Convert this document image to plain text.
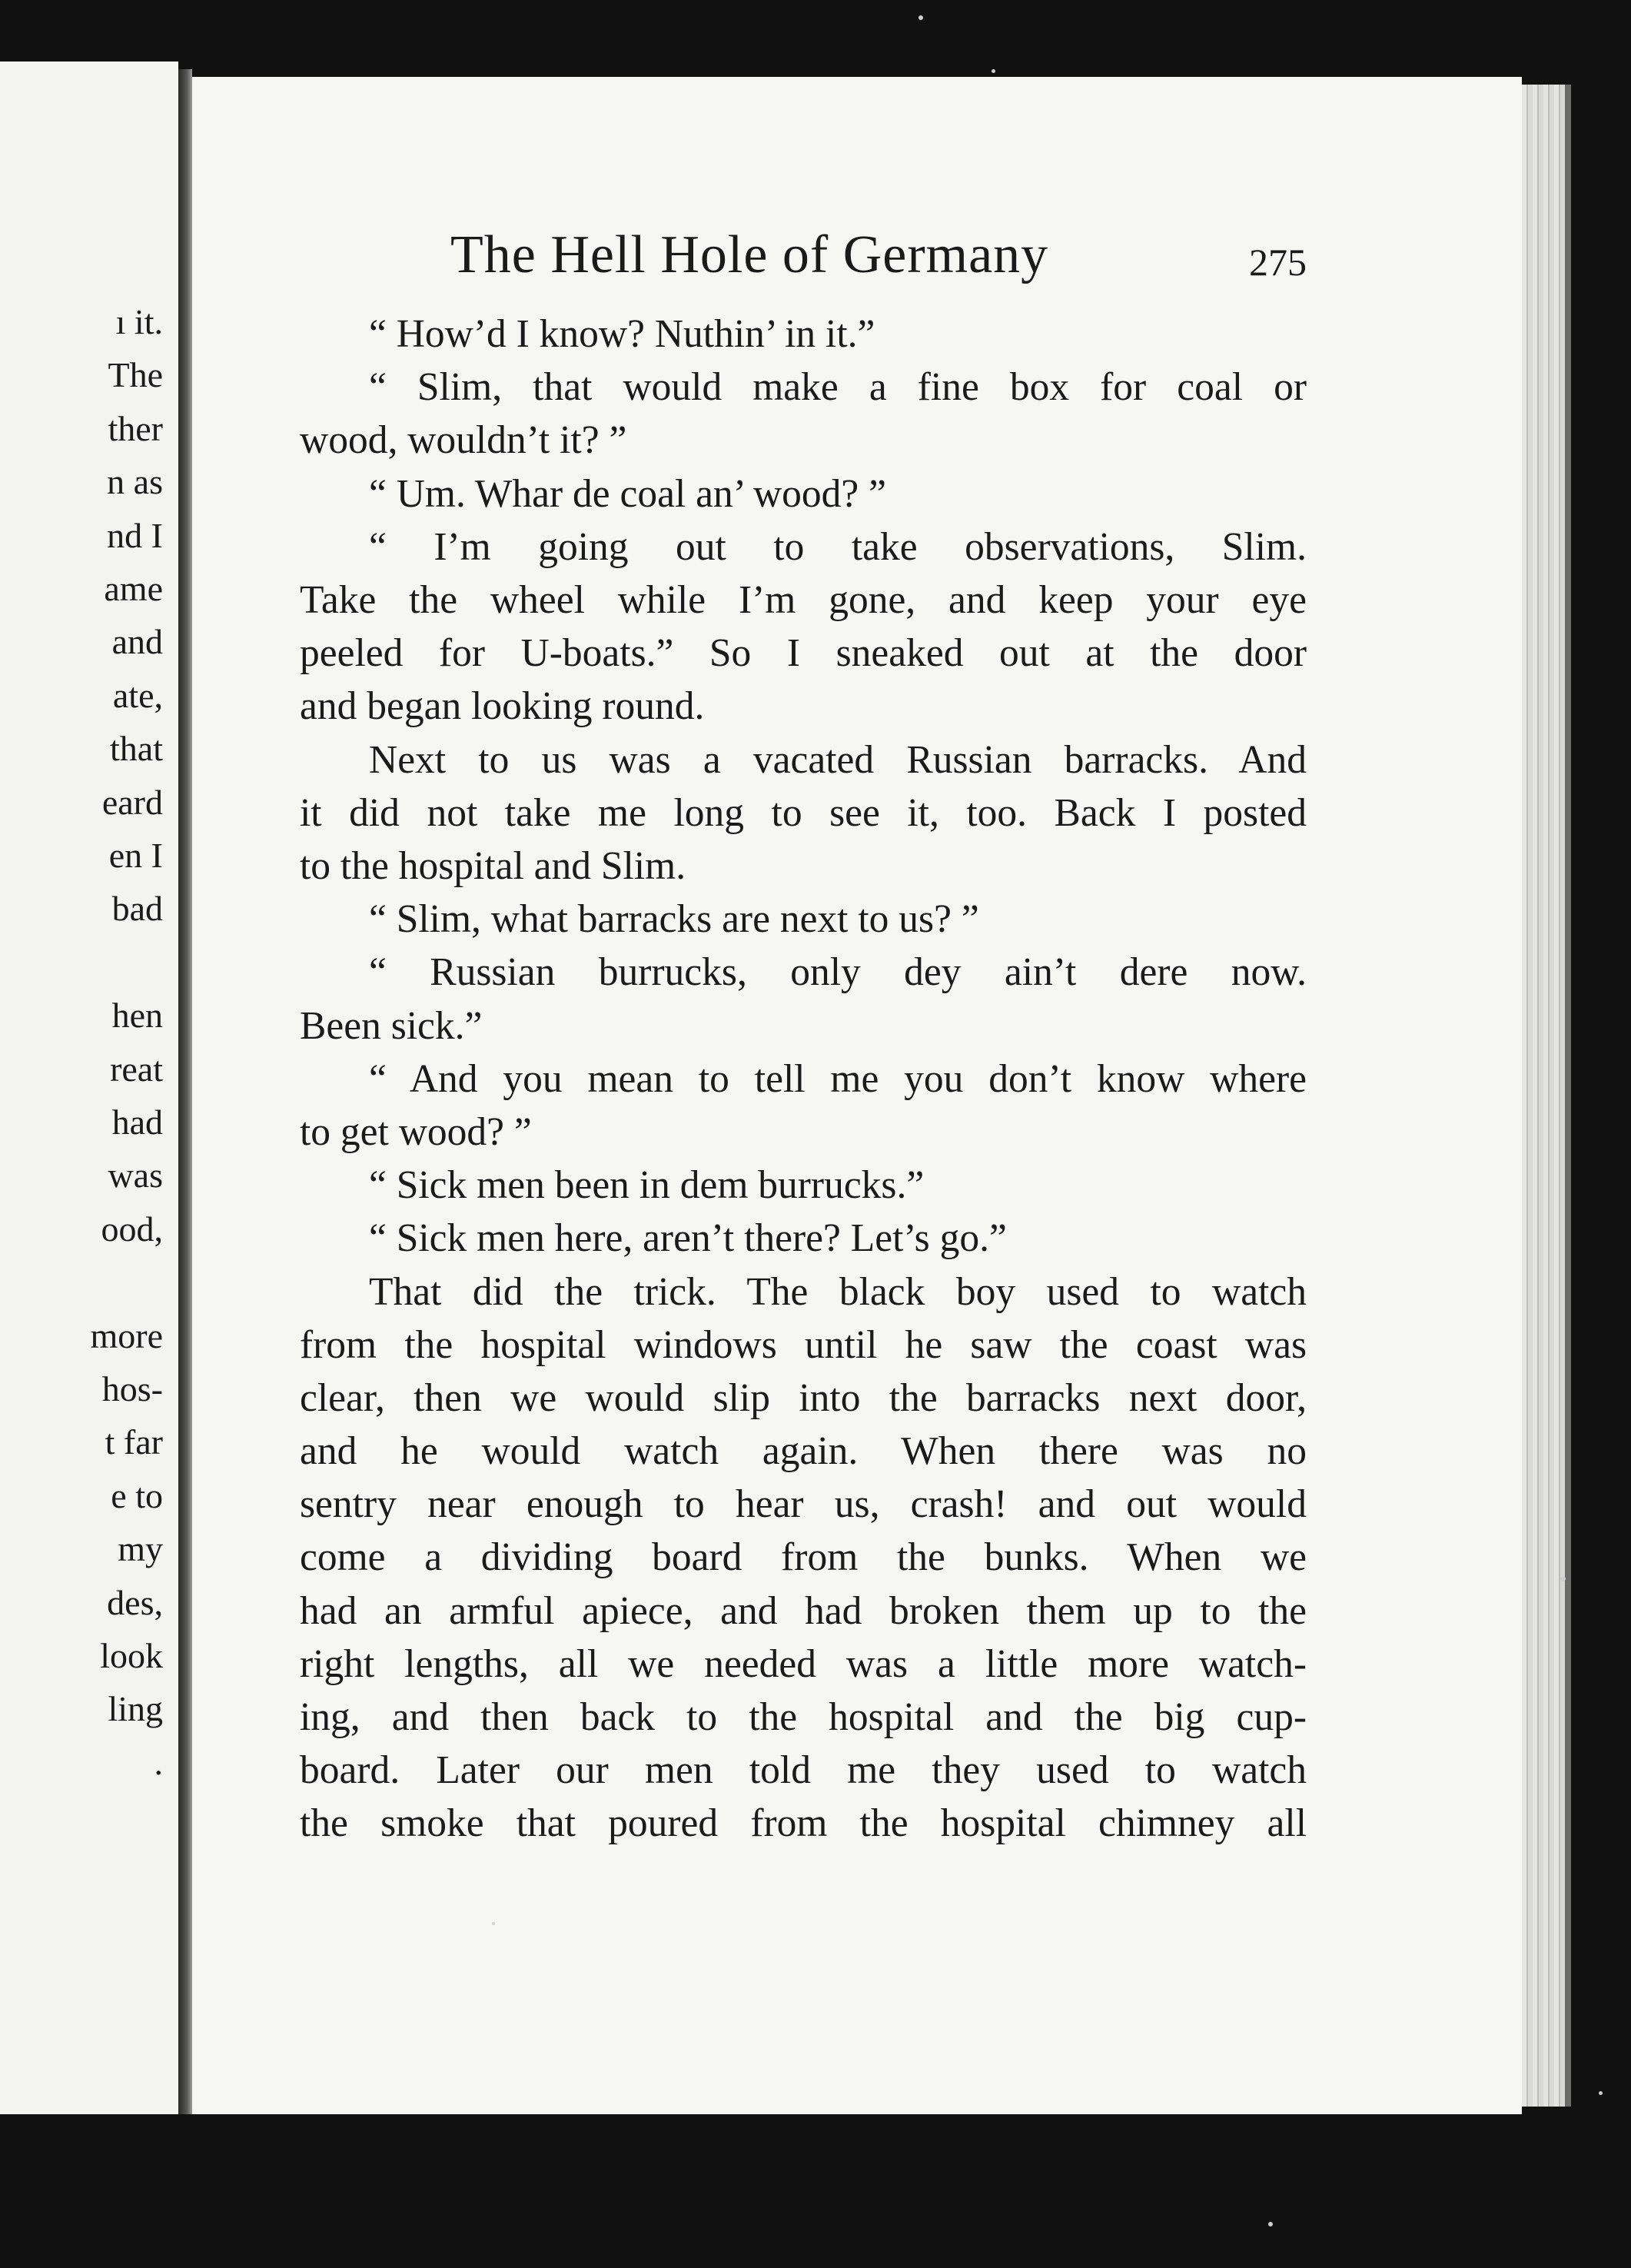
ı it.
The
ther
n as
nd I
ame
and
ate,
that
eard
en I
bad
hen
reat
had
was
ood,
more
hos-
t far
e to
my
des,
look
ling
.
The Hell Hole of Germany	275
“ How’d I know? Nuthin’ in it.”
“ Slim, that would make a fine box for coal or
wood, wouldn’t it? ”
“ Um. Whar de coal an’ wood? ”
“ I’m going out to take observations, Slim.
Take the wheel while I’m gone, and keep your eye
peeled for U-boats.” So I sneaked out at the door
and began looking round.
Next to us was a vacated Russian barracks. And
it did not take me long to see it, too. Back I posted
to the hospital and Slim.
“ Slim, what barracks are next to us? ”
“ Russian burrucks, only dey ain’t dere now.
Been sick.”
“ And you mean to tell me you don’t know where
to get wood? ”
“ Sick men been in dem burrucks.”
“ Sick men here, aren’t there? Let’s go.”
That did the trick. The black boy used to watch
from the hospital windows until he saw the coast was
clear, then we would slip into the barracks next door,
and he would watch again. When there was no
sentry near enough to hear us, crash! and out would
come a dividing board from the bunks. When we
had an armful apiece, and had broken them up to the
right lengths, all we needed was a little more watch-
ing, and then back to the hospital and the big cup-
board. Later our men told me they used to watch
the smoke that poured from the hospital chimney all
